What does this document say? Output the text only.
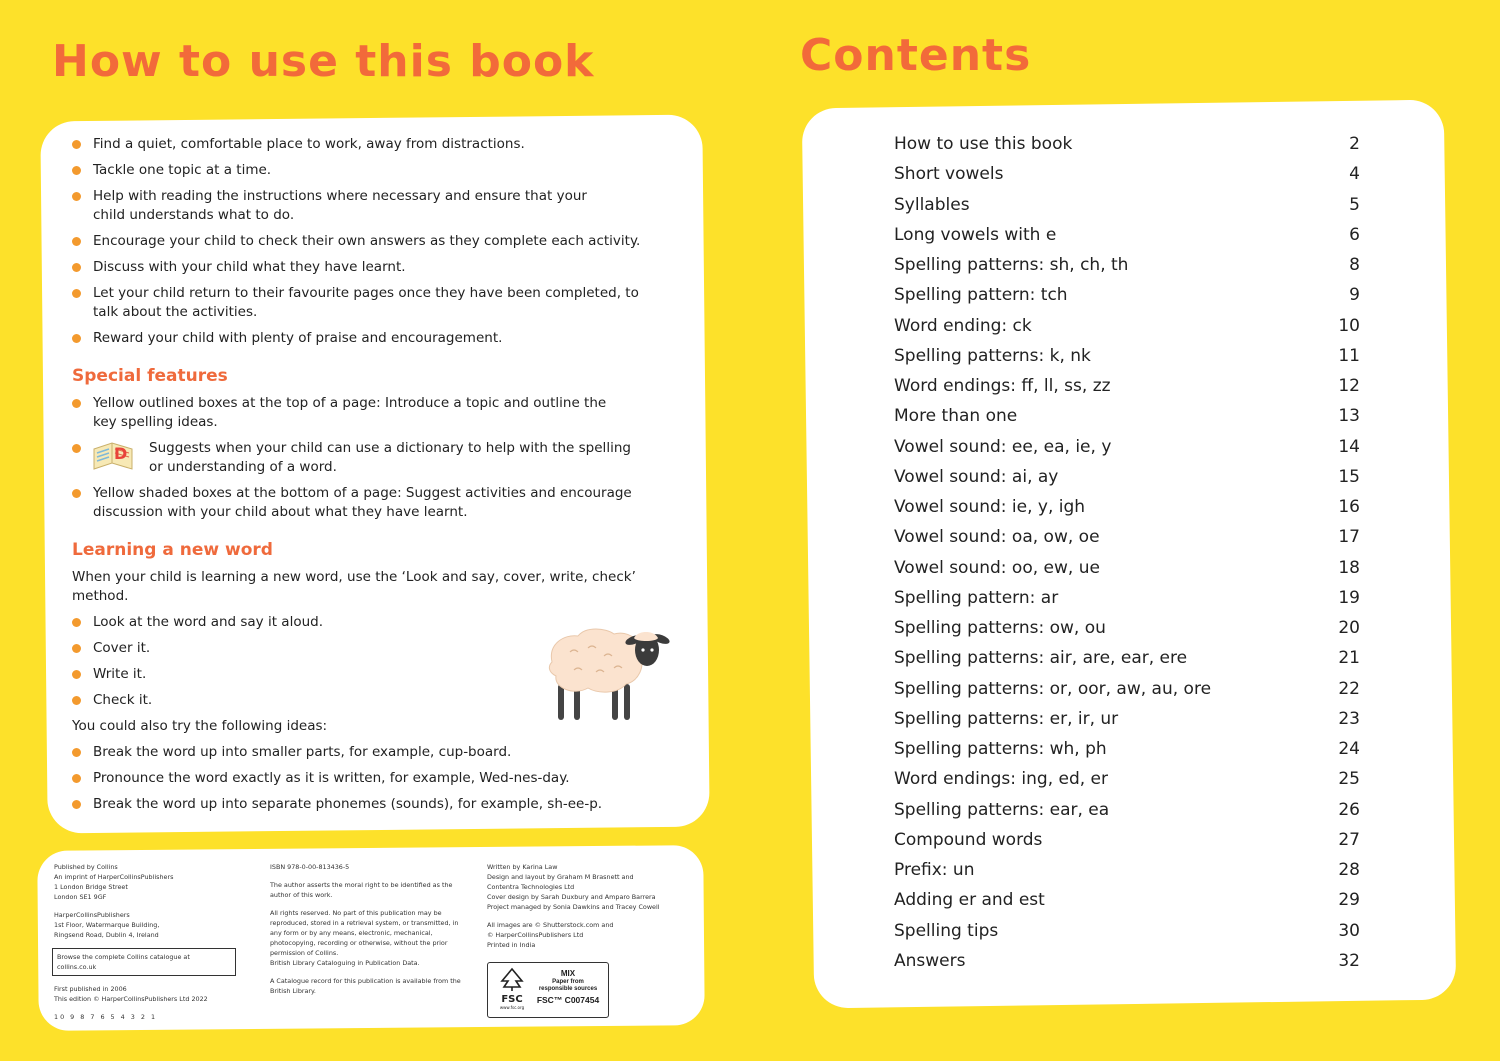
How to use this book	Contents
Find a quiet, comfortable place to work, away from distractions.
Tackle one topic at a time.
Help with reading the instructions where necessary and ensure that your child understands what to do.
Encourage your child to check their own answers as they complete each activity.
Discuss with your child what they have learnt.
Let your child return to their favourite pages once they have been completed, to talk about the activities.
Reward your child with plenty of praise and encouragement.
Special features
Yellow outlined boxes at the top of a page: Introduce a topic and outline the key spelling ideas.
D Suggests when your child can use a dictionary to help with the spelling or understanding of a word.
Yellow shaded boxes at the bottom of a page: Suggest activities and encourage discussion with your child about what they have learnt.
Learning a new word

When your child is learning a new word, use the ‘Look and say, cover, write, check’ method.

Look at the word and say it aloud.
Cover it.
Write it.
Check it.

You could also try the following ideas:

Break the word up into smaller parts, for example, cup-board.
Pronounce the word exactly as it is written, for example, Wed-nes-day.
Break the word up into separate phonemes (sounds), for example, sh-ee-p.

Published by Collins
An imprint of HarperCollinsPublishers
1 London Bridge Street
London SE1 9GF

HarperCollinsPublishers
1st Floor, Watermarque Building,
Ringsend Road, Dublin 4, Ireland

Browse the complete Collins catalogue at collins.co.uk

First published in 2006
This edition © HarperCollinsPublishers Ltd 2022

10 9 8 7 6 5 4 3 2 1

ISBN 978-0-00-813436-5

The author asserts the moral right to be identified as the author of this work.

All rights reserved. No part of this publication may be reproduced, stored in a retrieval system, or transmitted, in any form or by any means, electronic, mechanical, photocopying, recording or otherwise, without the prior permission of Collins.

British Library Cataloguing in Publication Data.

A Catalogue record for this publication is available from the British Library.

Written by Karina Law
Design and layout by Graham M Brasnett and
Contentra Technologies Ltd
Cover design by Sarah Duxbury and Amparo Barrera
Project managed by Sonia Dawkins and Tracey Cowell

All images are © Shutterstock.com and
© HarperCollinsPublishers Ltd
Printed in India

FSC
www.fsc.org
MIX
Paper from
responsible sources
FSC™ C007454
How to use this book	2
Short vowels	4
Syllables	5
Long vowels with e	6
Spelling patterns: sh, ch, th	8
Spelling pattern: tch	9
Word ending: ck	10
Spelling patterns: k, nk	11
Word endings: ff, ll, ss, zz	12
More than one	13
Vowel sound: ee, ea, ie, y	14
Vowel sound: ai, ay	15
Vowel sound: ie, y, igh	16
Vowel sound: oa, ow, oe	17
Vowel sound: oo, ew, ue	18
Spelling pattern: ar	19
Spelling patterns: ow, ou	20
Spelling patterns: air, are, ear, ere	21
Spelling patterns: or, oor, aw, au, ore	22
Spelling patterns: er, ir, ur	23
Spelling patterns: wh, ph	24
Word endings: ing, ed, er	25
Spelling patterns: ear, ea	26
Compound words	27
Prefix: un	28
Adding er and est	29
Spelling tips	30
Answers	32
